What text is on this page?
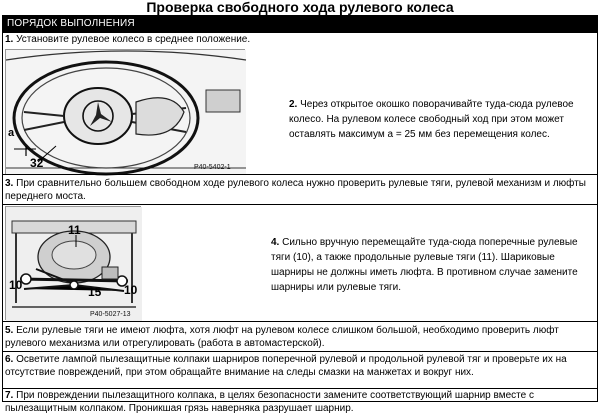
Проверка свободного хода рулевого колеса
ПОРЯДОК ВЫПОЛНЕНИЯ
1. Установите рулевое колесо в среднее положение.
a
32	P40-5402-1
2. Через открытое окошко поворачивайте туда-сюда рулевое колесо. На рулевом колесе свободный ход при этом может оставлять максимум a = 25 мм без перемещения колес.
3. При сравнительно большем свободном ходе рулевого колеса нужно проверить рулевые тяги, рулевой механизм и люфты переднего моста.
11
10	15 10
P40-5027-13
4. Сильно вручную перемещайте туда-сюда поперечные рулевые тяги (10), а также продольные рулевые тяги (11). Шариковые шарниры не должны иметь люфта. В противном случае замените шарниры или рулевые тяги.
5. Если рулевые тяги не имеют люфта, хотя люфт на рулевом колесе слишком большой, необходимо проверить люфт рулевого механизма или отрегулировать (работа в автомастерской).
6. Осветите лампой пылезащитные колпаки шарниров поперечной рулевой и продольной рулевой тяг и проверьте их на отсутствие повреждений, при этом обращайте внимание на следы смазки на манжетах и вокруг них.
7. При повреждении пылезащитного колпака, в целях безопасности замените соответствующий шарнир вместе с пылезащитным колпаком. Проникшая грязь наверняка разрушает шарнир.
